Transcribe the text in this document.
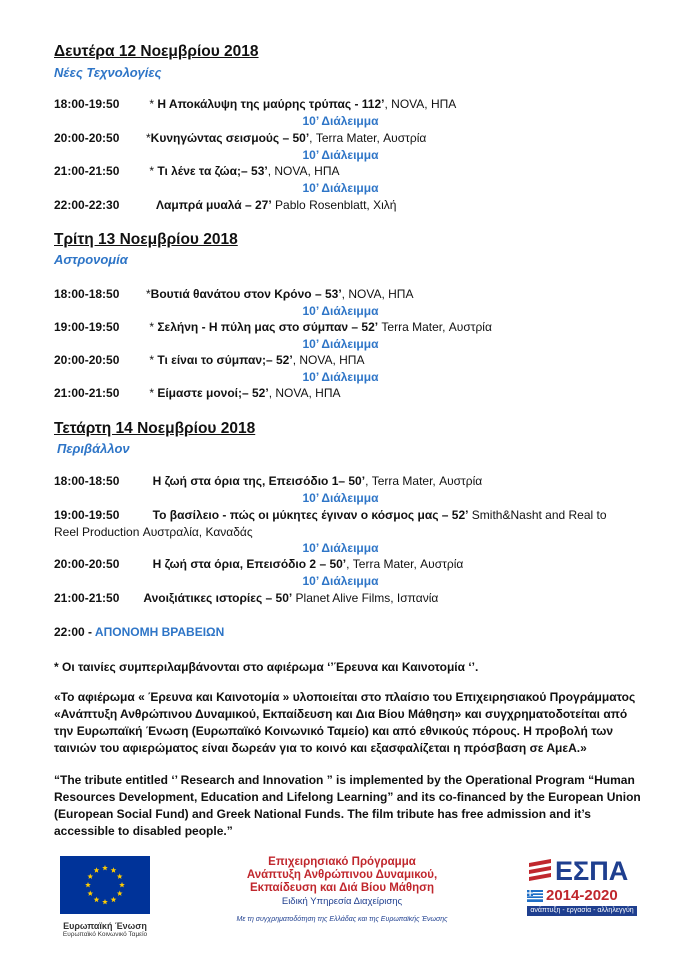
Δευτέρα 12 Νοεμβρίου 2018
Νέες Τεχνολογίες
18:00-19:50 * Η Αποκάλυψη της μαύρης τρύπας - 112’, NOVA, ΗΠΑ
10’ Διάλειμμα
20:00-20:50 *Κυνηγώντας σεισμούς – 50’, Terra Mater, Αυστρία
10’ Διάλειμμα
21:00-21:50 * Τι λένε τα ζώα;– 53’, NOVA, ΗΠΑ
10’ Διάλειμμα
22:00-22:30	Λαμπρά μυαλά – 27’ Pablo Rosenblatt, Χιλή
Τρίτη 13 Νοεμβρίου 2018
Αστρονομία
18:00-18:50 *Βουτιά θανάτου στον Κρόνο – 53’, NOVA, ΗΠΑ
10’ Διάλειμμα
19:00-19:50 * Σελήνη - Η πύλη μας στο σύμπαν – 52’ Terra Mater, Αυστρία
10’ Διάλειμμα
20:00-20:50 * Τι είναι το σύμπαν;– 52’, NOVA, ΗΠΑ
10’ Διάλειμμα
21:00-21:50 * Είμαστε μονοί;– 52’, NOVA, ΗΠΑ
Τετάρτη 14 Νοεμβρίου 2018
Περιβάλλον
18:00-18:50	Η ζωή στα όρια της, Επεισόδιο 1– 50’, Terra Mater, Αυστρία
10’ Διάλειμμα
19:00-19:50	Το βασίλειο - πώς οι μύκητες έγιναν ο κόσμος μας – 52’ Smith&Nasht and Real to Reel Production Αυστραλία, Καναδάς
10’ Διάλειμμα
20:00-20:50	Η ζωή στα όρια, Επεισόδιο 2 – 50’, Terra Mater, Αυστρία
10’ Διάλειμμα
21:00-21:50 Ανοιξιάτικες ιστορίες – 50’ Planet Alive Films, Ισπανία
22:00 - ΑΠΟΝΟΜΗ ΒΡΑΒΕΙΩΝ

* Οι ταινίες συμπεριλαμβάνονται στο αφιέρωμα ‘’Έρευνα και Καινοτομία ‘’.

«Το αφιέρωμα « Έρευνα και Καινοτομία » υλοποιείται στο πλαίσιο του Επιχειρησιακού Προγράμματος «Ανάπτυξη Ανθρώπινου Δυναμικού, Εκπαίδευση και Δια Βίου Μάθηση» και συγχρηματοδοτείται από την Ευρωπαϊκή Ένωση (Ευρωπαϊκό Κοινωνικό Ταμείο) και από εθνικούς πόρους. Η προβολή των ταινιών του αφιερώματος είναι δωρεάν για το κοινό και εξασφαλίζεται η πρόσβαση σε ΑμεΑ.»

“The tribute entitled ‘’ Research and Innovation ” is implemented by the Operational Program “Human Resources Development, Education and Lifelong Learning” and its co-financed by the European Union (European Social Fund) and Greek National Funds. The film tribute has free admission and it’s accessible to disabled people.”

Ευρωπαϊκή Ένωση
Ευρωπαϊκό Κοινωνικό Ταμείο
Επιχειρησιακό Πρόγραμμα
Ανάπτυξη Ανθρώπινου Δυναμικού,
Εκπαίδευση και Διά Βίου Μάθηση
Ειδική Υπηρεσία Διαχείρισης
Με τη συγχρηματοδότηση της Ελλάδας και της Ευρωπαϊκής Ένωσης
ΕΣΠΑ
2014-2020
ανάπτυξη - εργασία - αλληλεγγύη
